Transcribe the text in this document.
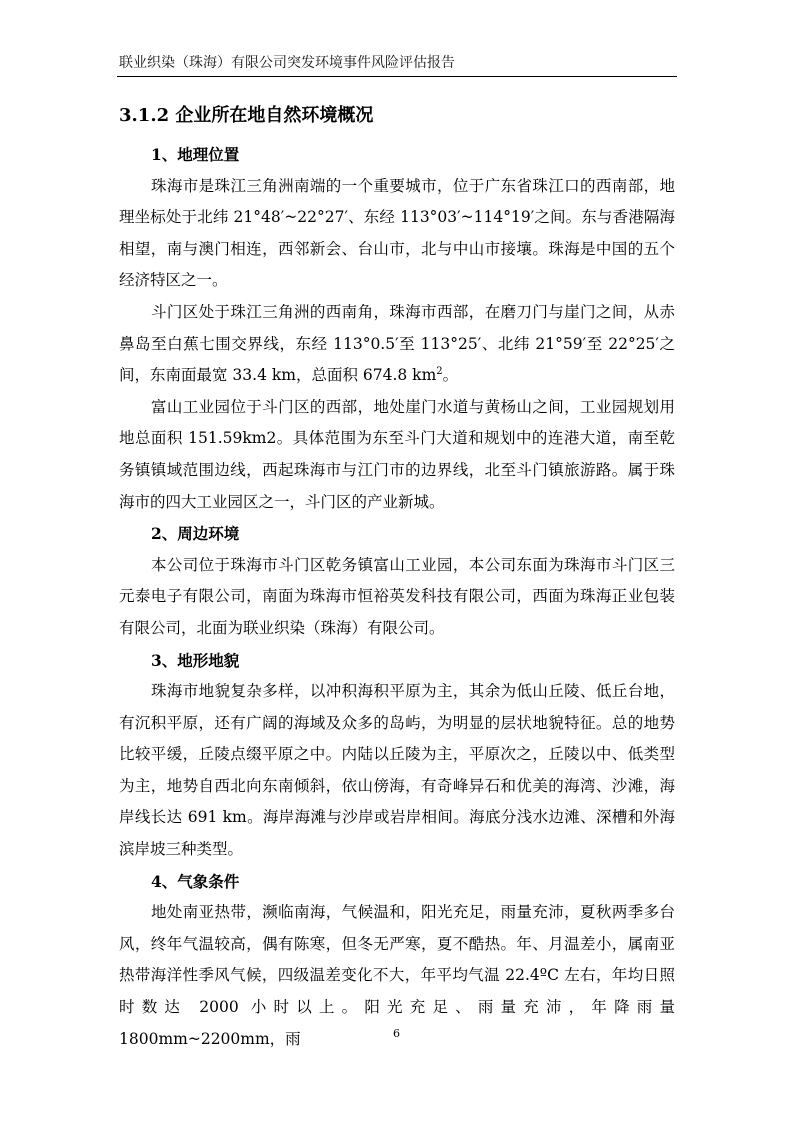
联业织染（珠海）有限公司突发环境事件风险评估报告
3.1.2 企业所在地自然环境概况
1、地理位置

珠海市是珠江三角洲南端的一个重要城市，位于广东省珠江口的西南部，地理坐标处于北纬 21°48′~22°27′、东经 113°03′~114°19′之间。东与香港隔海相望，南与澳门相连，西邻新会、台山市，北与中山市接壤。珠海是中国的五个经济特区之一。

斗门区处于珠江三角洲的西南角，珠海市西部，在磨刀门与崖门之间，从赤鼻岛至白蕉七围交界线，东经 113°0.5′至 113°25′、北纬 21°59′至 22°25′之间，东南面最宽 33.4 km，总面积 674.8 $km^2$。

富山工业园位于斗门区的西部，地处崖门水道与黄杨山之间，工业园规划用地总面积 151.59km2。具体范围为东至斗门大道和规划中的连港大道，南至乾务镇镇域范围边线，西起珠海市与江门市的边界线，北至斗门镇旅游路。属于珠海市的四大工业园区之一，斗门区的产业新城。

2、周边环境

本公司位于珠海市斗门区乾务镇富山工业园，本公司东面为珠海市斗门区三元泰电子有限公司，南面为珠海市恒裕英发科技有限公司，西面为珠海正业包装有限公司，北面为联业织染（珠海）有限公司。

3、地形地貌

珠海市地貌复杂多样，以冲积海积平原为主，其余为低山丘陵、低丘台地，有沉积平原，还有广阔的海域及众多的岛屿，为明显的层状地貌特征。总的地势比较平缓，丘陵点缀平原之中。内陆以丘陵为主，平原次之，丘陵以中、低类型为主，地势自西北向东南倾斜，依山傍海，有奇峰异石和优美的海湾、沙滩，海岸线长达 691 km。海岸海滩与沙岸或岩岸相间。海底分浅水边滩、深槽和外海滨岸坡三种类型。

4、气象条件

地处南亚热带，濒临南海，气候温和，阳光充足，雨量充沛，夏秋两季多台风，终年气温较高，偶有陈寒，但冬无严寒，夏不酷热。年、月温差小，属南亚热带海洋性季风气候，四级温差变化不大，年平均气温 22.4ºC 左右，年均日照时数达 2000 小时以上。阳光充足、雨量充沛，年降雨量 1800mm~2200mm，雨	6
